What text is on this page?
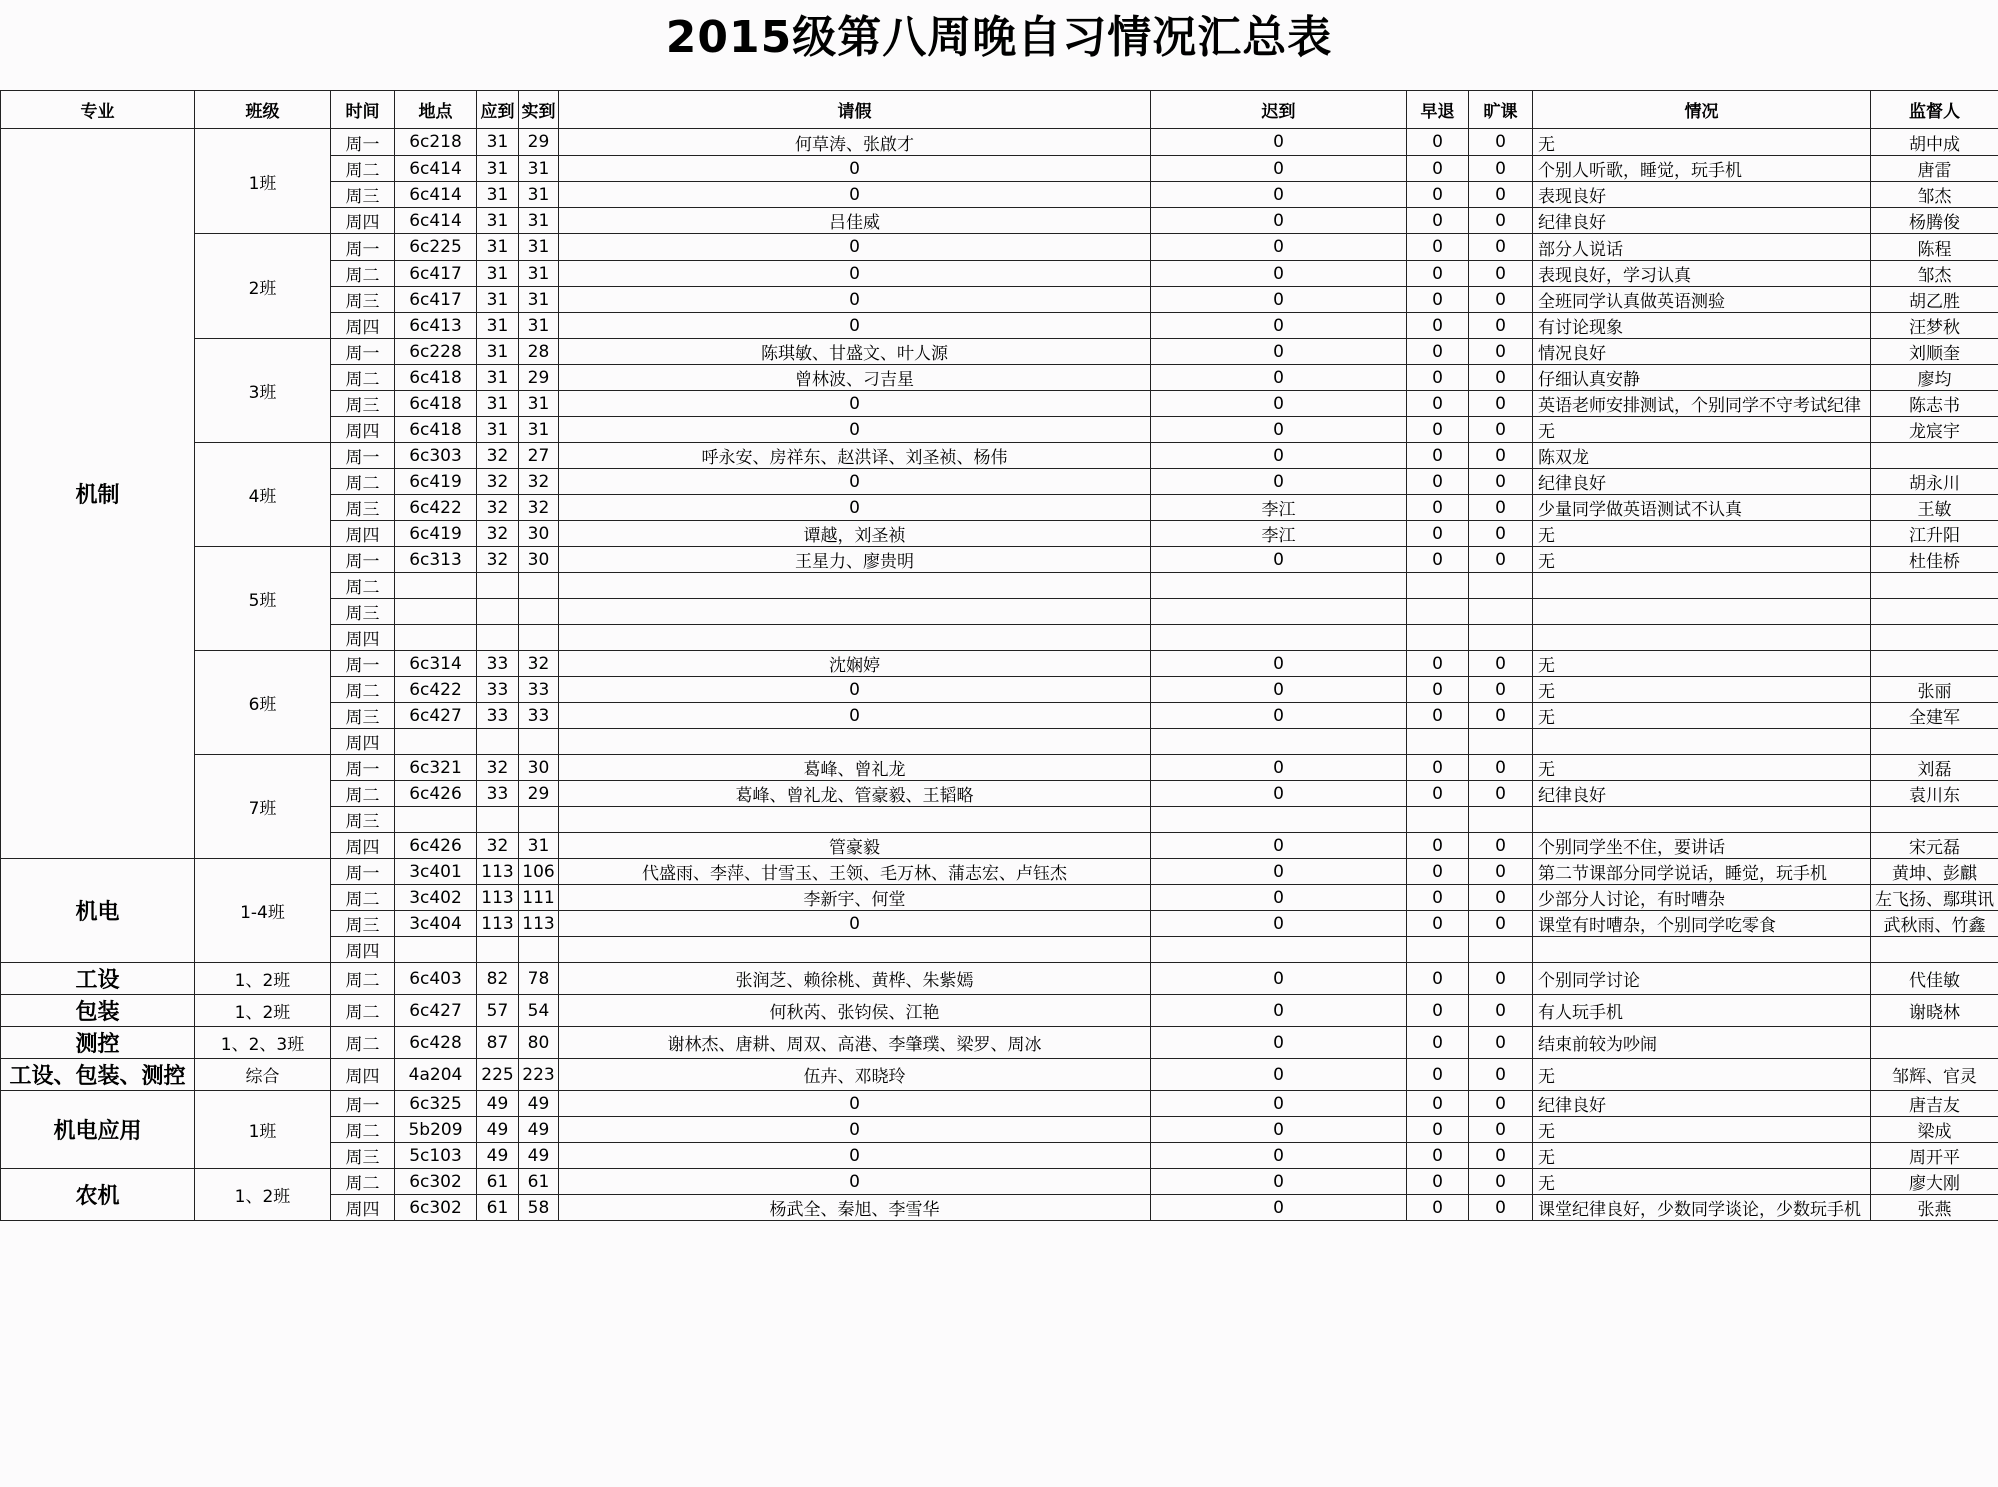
2015级第八周晚自习情况汇总表
专业	班级	时间	地点	应到	实到	请假	迟到	早退	旷课	情况	监督人
机制	1班	周一	6c218	31	29	何草涛、张啟才	0	0	0	无	胡中成
		周二	6c414	31	31	0	0	0	0	个别人听歌，睡觉，玩手机	唐雷
		周三	6c414	31	31	0	0	0	0	表现良好	邹杰
		周四	6c414	31	31	吕佳威	0	0	0	纪律良好	杨腾俊
	2班	周一	6c225	31	31	0	0	0	0	部分人说话	陈程
		周二	6c417	31	31	0	0	0	0	表现良好，学习认真	邹杰
		周三	6c417	31	31	0	0	0	0	全班同学认真做英语测验	胡乙胜
		周四	6c413	31	31	0	0	0	0	有讨论现象	汪梦秋
	3班	周一	6c228	31	28	陈琪敏、甘盛文、叶人源	0	0	0	情况良好	刘顺奎
		周二	6c418	31	29	曾林波、刁吉星	0	0	0	仔细认真安静	廖均
		周三	6c418	31	31	0	0	0	0	英语老师安排测试，个别同学不守考试纪律	陈志书
		周四	6c418	31	31	0	0	0	0	无	龙宸宇
	4班	周一	6c303	32	27	呼永安、房祥东、赵洪译、刘圣祯、杨伟	0	0	0	陈双龙	
		周二	6c419	32	32	0	0	0	0	纪律良好	胡永川
		周三	6c422	32	32	0	李江	0	0	少量同学做英语测试不认真	王敏
		周四	6c419	32	30	谭越，刘圣祯	李江	0	0	无	江升阳
	5班	周一	6c313	32	30	王星力、廖贵明	0	0	0	无	杜佳桥
		周二									
		周三									
		周四									
	6班	周一	6c314	33	32	沈娴婷	0	0	0	无	
		周二	6c422	33	33	0	0	0	0	无	张丽
		周三	6c427	33	33	0	0	0	0	无	全建军
		周四									
	7班	周一	6c321	32	30	葛峰、曾礼龙	0	0	0	无	刘磊
		周二	6c426	33	29	葛峰、曾礼龙、管豪毅、王韬略	0	0	0	纪律良好	袁川东
		周三									
		周四	6c426	32	31	管豪毅	0	0	0	个别同学坐不住，要讲话	宋元磊
机电	1-4班	周一	3c401	113	106	代盛雨、李萍、甘雪玉、王领、毛万林、蒲志宏、卢钰杰	0	0	0	第二节课部分同学说话，睡觉，玩手机	黄坤、彭麒
		周二	3c402	113	111	李新宇、何堂	0	0	0	少部分人讨论，有时嘈杂	左飞扬、鄢琪讯
		周三	3c404	113	113	0	0	0	0	课堂有时嘈杂，个别同学吃零食	武秋雨、竹鑫
		周四									
工设	1、2班	周二	6c403	82	78	张润芝、赖徐桃、黄桦、朱紫嫣	0	0	0	个别同学讨论	代佳敏
包装	1、2班	周二	6c427	57	54	何秋芮、张钧侯、江艳	0	0	0	有人玩手机	谢晓林
测控	1、2、3班	周二	6c428	87	80	谢林杰、唐耕、周双、高港、李肇璞、梁罗、周冰	0	0	0	结束前较为吵闹	
工设、包装、测控	综合	周四	4a204	225	223	伍卉、邓晓玲	0	0	0	无	邹辉、官灵
机电应用	1班	周一	6c325	49	49	0	0	0	0	纪律良好	唐吉友
		周二	5b209	49	49	0	0	0	0	无	梁成
		周三	5c103	49	49	0	0	0	0	无	周开平
农机	1、2班	周二	6c302	61	61	0	0	0	0	无	廖大刚
		周四	6c302	61	58	杨武全、秦旭、李雪华	0	0	0	课堂纪律良好，少数同学谈论，少数玩手机	张燕
